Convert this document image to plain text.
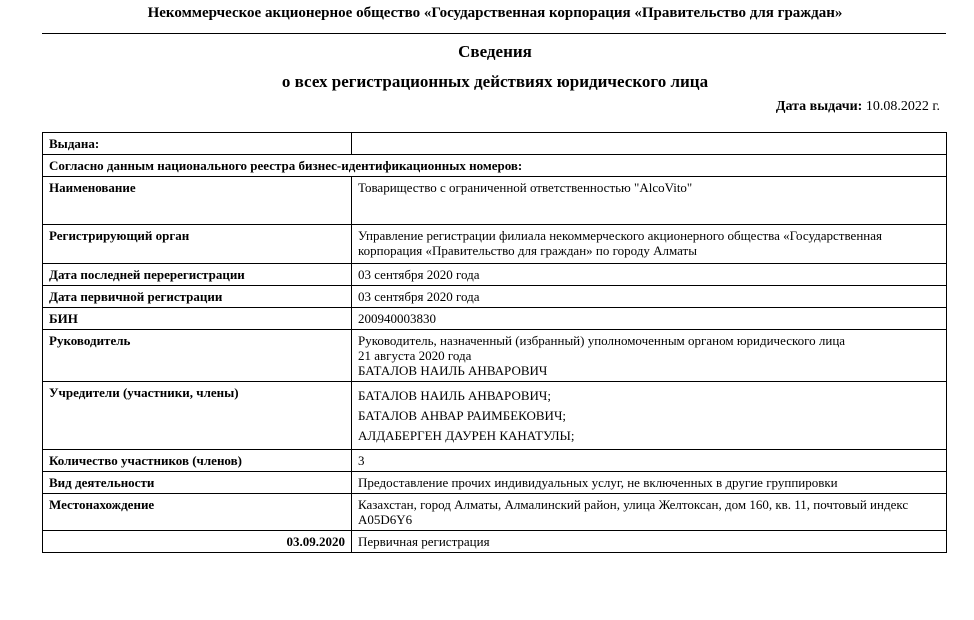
Некоммерческое акционерное общество «Государственная корпорация «Правительство для граждан»
Сведения
о всех регистрационных действиях юридического лица
Дата выдачи: 10.08.2022 г.
Выдана:	
Согласно данным национального реестра бизнес-идентификационных номеров:	
Наименование	Товарищество с ограниченной ответственностью "AlcoVito"
Регистрирующий орган	Управление регистрации филиала некоммерческого акционерного общества «Государственная корпорация «Правительство для граждан» по городу Алматы
Дата последней перерегистрации	03 сентября 2020 года
Дата первичной регистрации	03 сентября 2020 года
БИН	200940003830
Руководитель	Руководитель, назначенный (избранный) уполномоченным органом юридического лица
21 августа 2020 года
БАТАЛОВ НАИЛЬ АНВАРОВИЧ

Учредители (участники, члены)	БАТАЛОВ НАИЛЬ АНВАРОВИЧ;
БАТАЛОВ АНВАР РАИМБЕКОВИЧ;
АЛДАБЕРГЕН ДАУРЕН КАНАТУЛЫ;

Количество участников (членов)	3
Вид деятельности	Предоставление прочих индивидуальных услуг, не включенных в другие группировки
Местонахождение	Казахстан, город Алматы, Алмалинский район, улица Желтоксан, дом 160, кв. 11, почтовый индекс A05D6Y6
03.09.2020	Первичная регистрация
